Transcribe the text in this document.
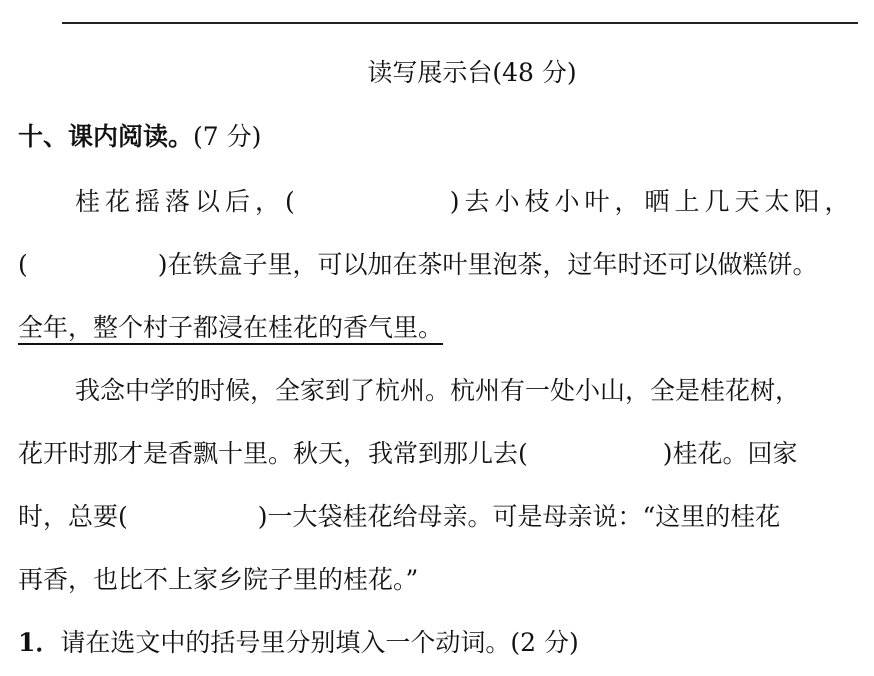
读写展示台(48 分)
十、课内阅读。(7 分)
桂花摇落以后，(	)去小枝小叶，晒上几天太阳，
(	)在铁盒子里，可以加在茶叶里泡茶，过年时还可以做糕饼。
全年，整个村子都浸在桂花的香气里。
我念中学的时候，全家到了杭州。杭州有一处小山，全是桂花树，
花开时那才是香飘十里。秋天，我常到那儿去(	)桂花。回家
时，总要(	)一大袋桂花给母亲。可是母亲说：“这里的桂花
再香，也比不上家乡院子里的桂花。”
1．请在选文中的括号里分别填入一个动词。(2 分)
